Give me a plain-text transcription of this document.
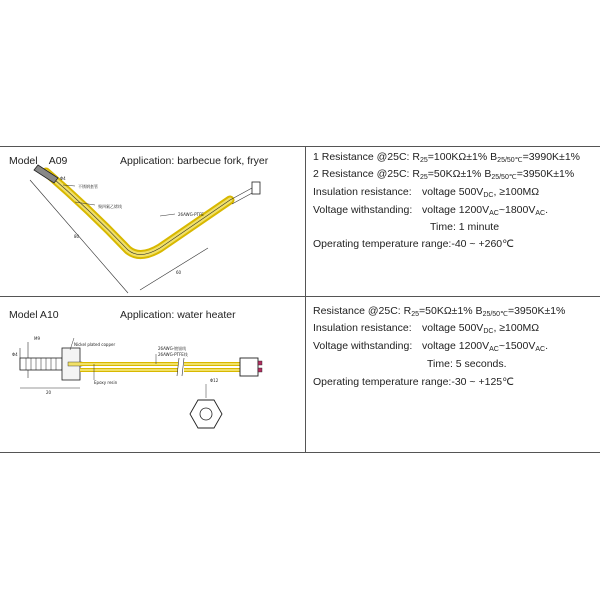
Model    A09	Application: barbecue fork, fryer
Φ4
不锈钢套管
聚四氟乙烯线
26AWG-PTFE
80
60
1 Resistance @25C: $R_{25}=100K\Omega\pm 1\%$ $B_{25/50℃}=3990K\pm 1\%$
2 Resistance @25C: $R_{25}=50K\Omega\pm 1\%$ $B_{25/50℃}=3950K\pm 1\%$
Insulation resistance: voltage $500V_{DC}$, ≥100MΩ
Voltage withstanding: voltage $1200V_{AC}\sim 1800V_{AC}$.
Time: 1 minute
Operating temperature range:-40 ~ +260℃
Model A10	Application: water heater
M9
Φ4
20
Nickel plated copper
Epoxy resin
26AWG-镀银线
26AWG-PTFE线
Φ12
Resistance @25C: $R_{25}=50K\Omega\pm 1\%$ $B_{25/50℃}=3950K\pm 1\%$
Insulation resistance: voltage $500V_{DC}$, ≥100MΩ
Voltage withstanding: voltage $1200V_{AC}\sim 1500V_{AC}$.
Time: 5 seconds.
Operating temperature range:-30 ~ +125℃
